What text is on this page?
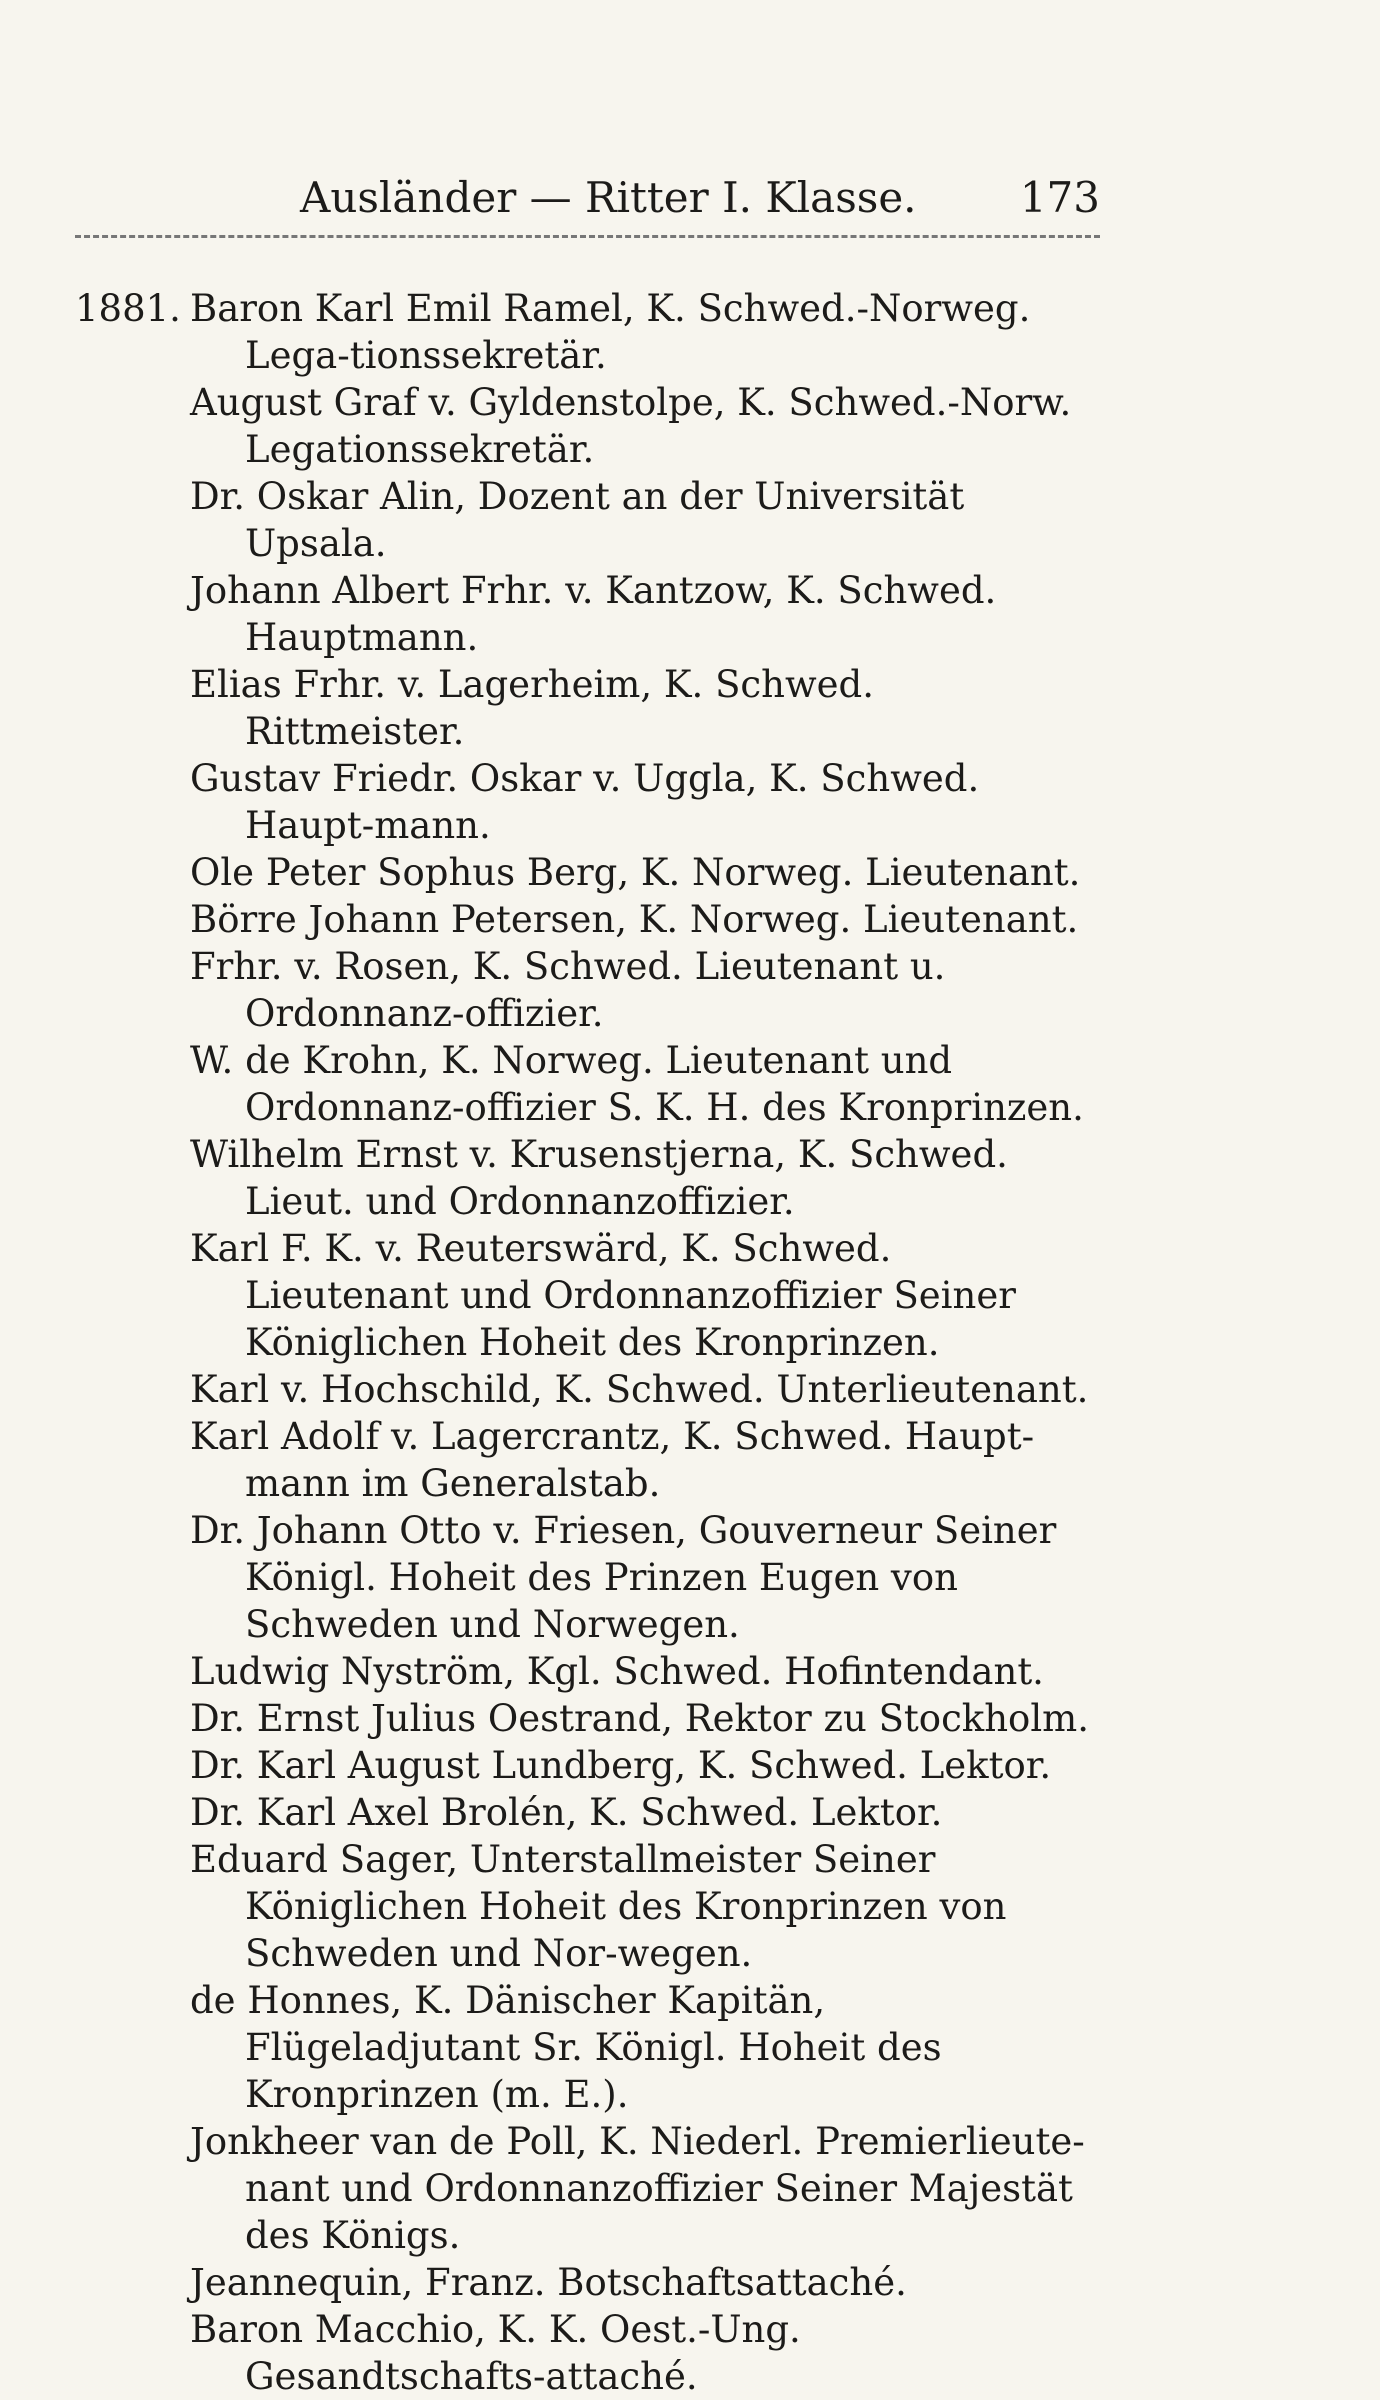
Ausländer — Ritter I. Klasse. 173
1881. Baron Karl Emil Ramel, K. Schwed.-Norweg. Lega-tionssekretär.

August Graf v. Gyldenstolpe, K. Schwed.-Norw. Legationssekretär.

Dr. Oskar Alin, Dozent an der Universität Upsala.

Johann Albert Frhr. v. Kantzow, K. Schwed. Hauptmann.

Elias Frhr. v. Lagerheim, K. Schwed. Rittmeister.

Gustav Friedr. Oskar v. Uggla, K. Schwed. Haupt-mann.

Ole Peter Sophus Berg, K. Norweg. Lieutenant.

Börre Johann Petersen, K. Norweg. Lieutenant.

Frhr. v. Rosen, K. Schwed. Lieutenant u. Ordonnanz-offizier.

W. de Krohn, K. Norweg. Lieutenant und Ordonnanz-offizier S. K. H. des Kronprinzen.

Wilhelm Ernst v. Krusenstjerna, K. Schwed. Lieut. und Ordonnanzoffizier.

Karl F. K. v. Reuterswärd, K. Schwed. Lieutenant und Ordonnanzoffizier Seiner Königlichen Hoheit des Kronprinzen.

Karl v. Hochschild, K. Schwed. Unterlieutenant.

Karl Adolf v. Lagercrantz, K. Schwed. Haupt-mann im Generalstab.

Dr. Johann Otto v. Friesen, Gouverneur Seiner Königl. Hoheit des Prinzen Eugen von Schweden und Norwegen.

Ludwig Nyström, Kgl. Schwed. Hofintendant.

Dr. Ernst Julius Oestrand, Rektor zu Stockholm.

Dr. Karl August Lundberg, K. Schwed. Lektor.

Dr. Karl Axel Brolén, K. Schwed. Lektor.

Eduard Sager, Unterstallmeister Seiner Königlichen Hoheit des Kronprinzen von Schweden und Nor-wegen.

de Honnes, K. Dänischer Kapitän, Flügeladjutant Sr. Königl. Hoheit des Kronprinzen (m. E.).

Jonkheer van de Poll, K. Niederl. Premierlieute-nant und Ordonnanzoffizier Seiner Majestät des Königs.

Jeannequin, Franz. Botschaftsattaché.

Baron Macchio, K. K. Oest.-Ung. Gesandtschafts-attaché.
